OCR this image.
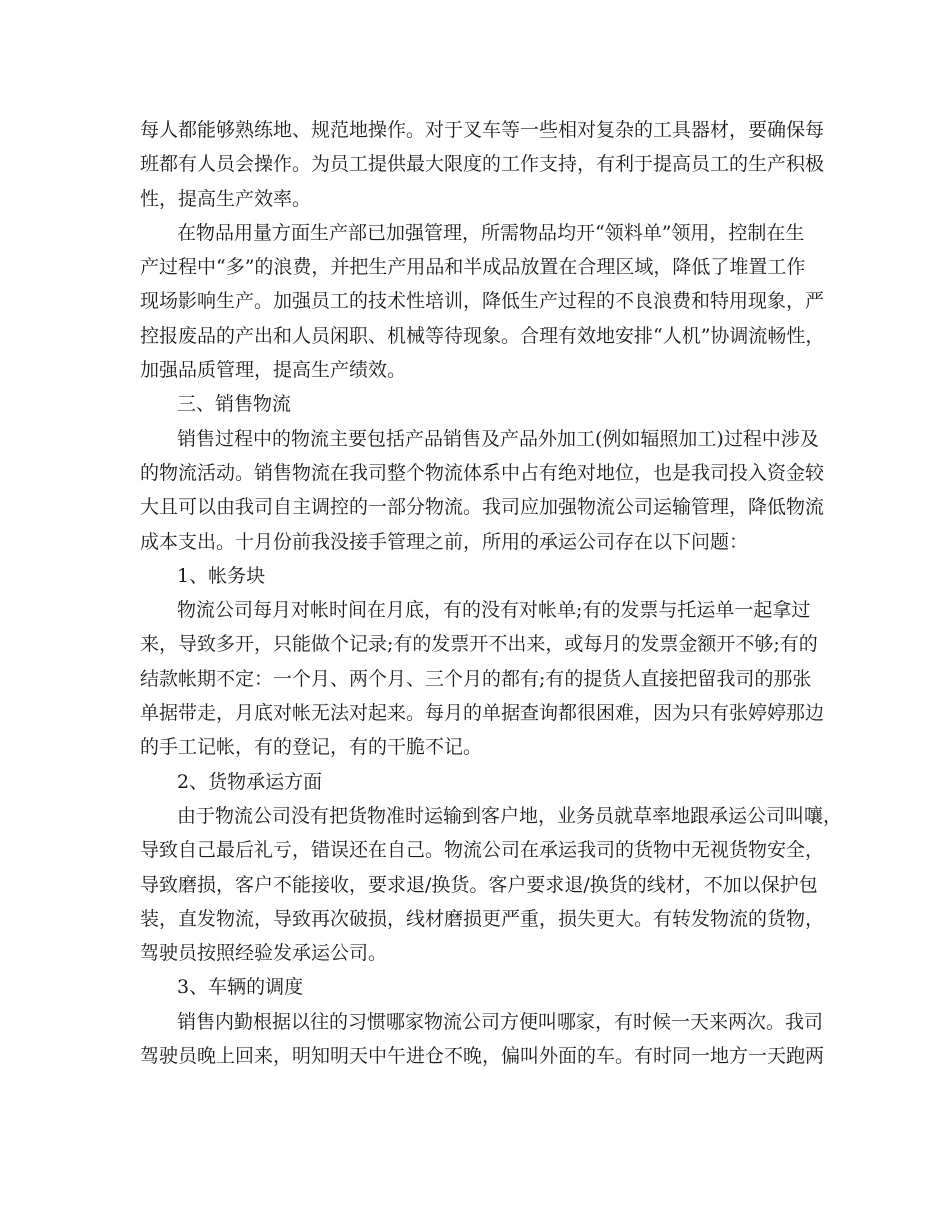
每人都能够熟练地、规范地操作。对于叉车等一些相对复杂的工具器材，要确保每
班都有人员会操作。为员工提供最大限度的工作支持，有利于提高员工的生产积极
性，提高生产效率。
在物品用量方面生产部已加强管理，所需物品均开“领料单”领用，控制在生
产过程中“多”的浪费，并把生产用品和半成品放置在合理区域，降低了堆置工作
现场影响生产。加强员工的技术性培训，降低生产过程的不良浪费和特用现象，严
控报废品的产出和人员闲职、机械等待现象。合理有效地安排“人机”协调流畅性，
加强品质管理，提高生产绩效。
三、销售物流
销售过程中的物流主要包括产品销售及产品外加工(例如辐照加工)过程中涉及
的物流活动。销售物流在我司整个物流体系中占有绝对地位，也是我司投入资金较
大且可以由我司自主调控的一部分物流。我司应加强物流公司运输管理，降低物流
成本支出。十月份前我没接手管理之前，所用的承运公司存在以下问题：
1、帐务块
物流公司每月对帐时间在月底，有的没有对帐单;有的发票与托运单一起拿过
来，导致多开，只能做个记录;有的发票开不出来，或每月的发票金额开不够;有的
结款帐期不定：一个月、两个月、三个月的都有;有的提货人直接把留我司的那张
单据带走，月底对帐无法对起来。每月的单据查询都很困难，因为只有张婷婷那边
的手工记帐，有的登记，有的干脆不记。
2、货物承运方面
由于物流公司没有把货物准时运输到客户地，业务员就草率地跟承运公司叫嚷，
导致自己最后礼亏，错误还在自己。物流公司在承运我司的货物中无视货物安全，
导致磨损，客户不能接收，要求退/换货。客户要求退/换货的线材，不加以保护包
装，直发物流，导致再次破损，线材磨损更严重，损失更大。有转发物流的货物，
驾驶员按照经验发承运公司。
3、车辆的调度
销售内勤根据以往的习惯哪家物流公司方便叫哪家，有时候一天来两次。我司
驾驶员晚上回来，明知明天中午进仓不晚，偏叫外面的车。有时同一地方一天跑两
